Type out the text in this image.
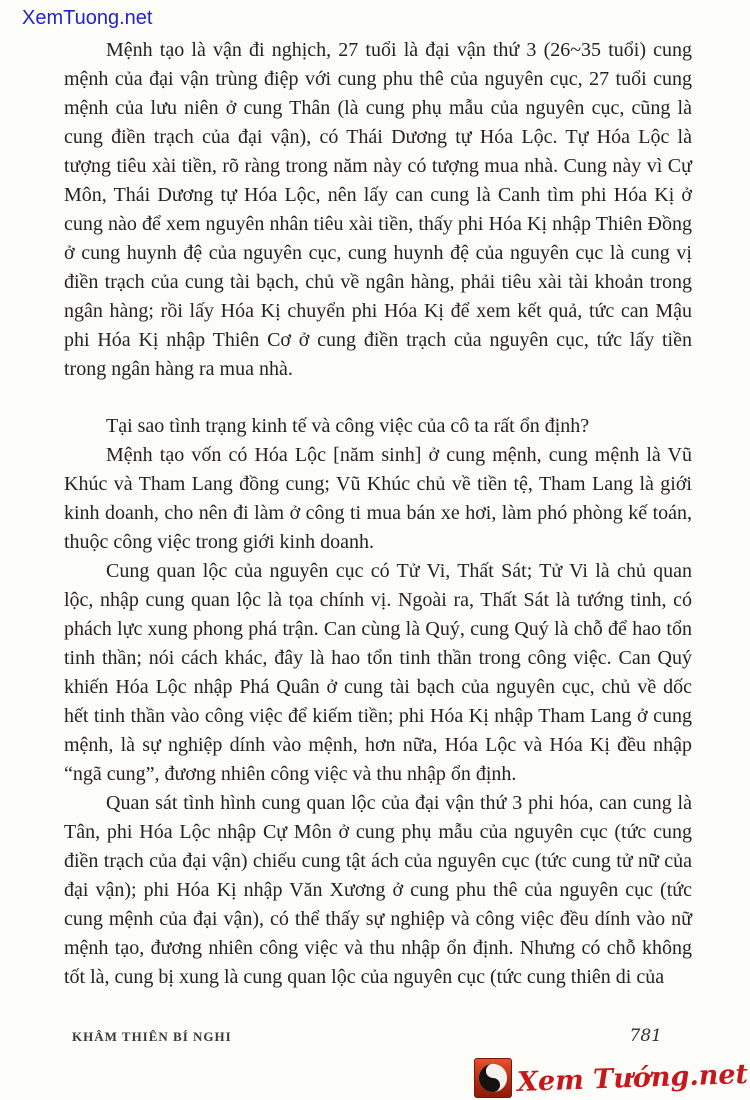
XemTuong.net

Mệnh tạo là vận đi nghịch, 27 tuổi là đại vận thứ 3 (26~35 tuổi) cung mệnh của đại vận trùng điệp với cung phu thê của nguyên cục, 27 tuổi cung mệnh của lưu niên ở cung Thân (là cung phụ mẫu của nguyên cục, cũng là cung điền trạch của đại vận), có Thái Dương tự Hóa Lộc. Tự Hóa Lộc là tượng tiêu xài tiền, rõ ràng trong năm này có tượng mua nhà. Cung này vì Cự Môn, Thái Dương tự Hóa Lộc, nên lấy can cung là Canh tìm phi Hóa Kị ở cung nào để xem nguyên nhân tiêu xài tiền, thấy phi Hóa Kị nhập Thiên Đồng ở cung huynh đệ của nguyên cục, cung huynh đệ của nguyên cục là cung vị điền trạch của cung tài bạch, chủ về ngân hàng, phải tiêu xài tài khoản trong ngân hàng; rồi lấy Hóa Kị chuyển phi Hóa Kị để xem kết quả, tức can Mậu phi Hóa Kị nhập Thiên Cơ ở cung điền trạch của nguyên cục, tức lấy tiền trong ngân hàng ra mua nhà.

Tại sao tình trạng kinh tế và công việc của cô ta rất ổn định?

Mệnh tạo vốn có Hóa Lộc [năm sinh] ở cung mệnh, cung mệnh là Vũ Khúc và Tham Lang đồng cung; Vũ Khúc chủ về tiền tệ, Tham Lang là giới kinh doanh, cho nên đi làm ở công ti mua bán xe hơi, làm phó phòng kế toán, thuộc công việc trong giới kinh doanh.

Cung quan lộc của nguyên cục có Tử Vi, Thất Sát; Tử Vi là chủ quan lộc, nhập cung quan lộc là tọa chính vị. Ngoài ra, Thất Sát là tướng tinh, có phách lực xung phong phá trận. Can cùng là Quý, cung Quý là chỗ để hao tổn tinh thần; nói cách khác, đây là hao tổn tinh thần trong công việc. Can Quý khiến Hóa Lộc nhập Phá Quân ở cung tài bạch của nguyên cục, chủ về dốc hết tinh thần vào công việc để kiếm tiền; phi Hóa Kị nhập Tham Lang ở cung mệnh, là sự nghiệp dính vào mệnh, hơn nữa, Hóa Lộc và Hóa Kị đều nhập “ngã cung”, đương nhiên công việc và thu nhập ổn định.

Quan sát tình hình cung quan lộc của đại vận thứ 3 phi hóa, can cung là Tân, phi Hóa Lộc nhập Cự Môn ở cung phụ mẫu của nguyên cục (tức cung điền trạch của đại vận) chiếu cung tật ách của nguyên cục (tức cung tử nữ của đại vận); phi Hóa Kị nhập Văn Xương ở cung phu thê của nguyên cục (tức cung mệnh của đại vận), có thể thấy sự nghiệp và công việc đều dính vào nữ mệnh tạo, đương nhiên công việc và thu nhập ổn định. Nhưng có chỗ không tốt là, cung bị xung là cung quan lộc của nguyên cục (tức cung thiên di của

KHÂM THIÊN BÍ NGHI	781
Xem Tướng.net
